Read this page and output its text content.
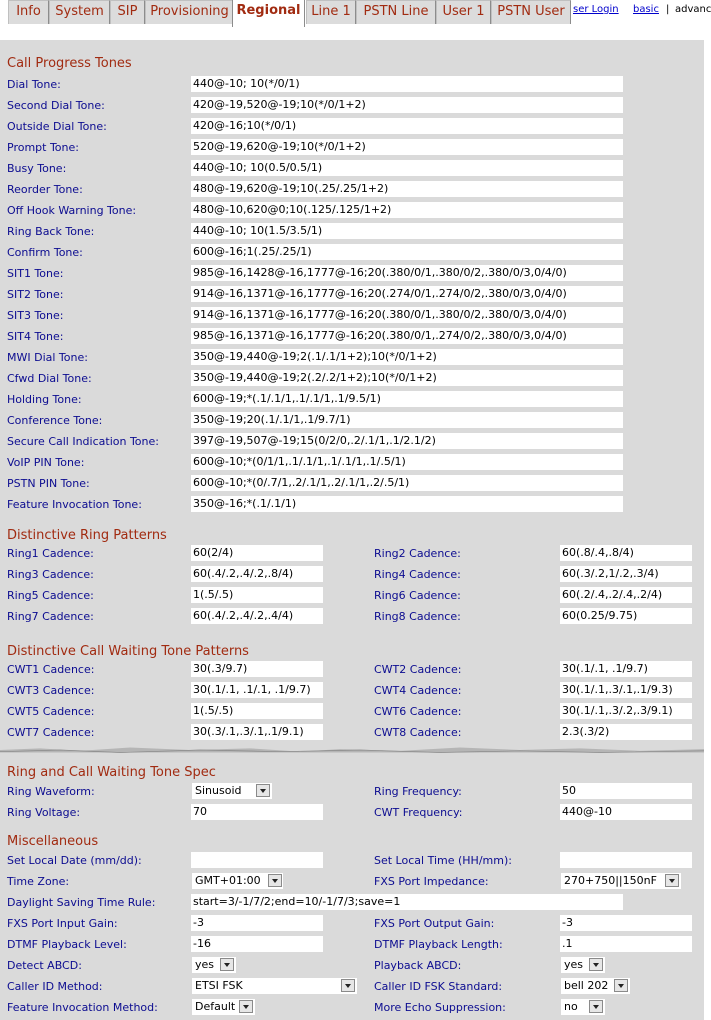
Info	System	SIP Provisioning Regional Line 1 PSTN Line	User 1 PSTN User ser Login basic | advanc
Call Progress Tones
Dial Tone:	440@-10; 10(*/0/1)
Second Dial Tone:	420@-19,520@-19;10(*/0/1+2)
Outside Dial Tone:	420@-16;10(*/0/1)
Prompt Tone:	520@-19,620@-19;10(*/0/1+2)
Busy Tone:	440@-10; 10(0.5/0.5/1)
Reorder Tone:	480@-19,620@-19;10(.25/.25/1+2)
Off Hook Warning Tone:	480@-10,620@0;10(.125/.125/1+2)
Ring Back Tone:	440@-10; 10(1.5/3.5/1)
Confirm Tone:	600@-16;1(.25/.25/1)
SIT1 Tone:	985@-16,1428@-16,1777@-16;20(.380/0/1,.380/0/2,.380/0/3,0/4/0)
SIT2 Tone:	914@-16,1371@-16,1777@-16;20(.274/0/1,.274/0/2,.380/0/3,0/4/0)
SIT3 Tone:	914@-16,1371@-16,1777@-16;20(.380/0/1,.380/0/2,.380/0/3,0/4/0)
SIT4 Tone:	985@-16,1371@-16,1777@-16;20(.380/0/1,.274/0/2,.380/0/3,0/4/0)
MWI Dial Tone:	350@-19,440@-19;2(.1/.1/1+2);10(*/0/1+2)
Cfwd Dial Tone:	350@-19,440@-19;2(.2/.2/1+2);10(*/0/1+2)
Holding Tone:	600@-19;*(.1/.1/1,.1/.1/1,.1/9.5/1)
Conference Tone:	350@-19;20(.1/.1/1,.1/9.7/1)
Secure Call Indication Tone:	397@-19,507@-19;15(0/2/0,.2/.1/1,.1/2.1/2)
VoIP PIN Tone:	600@-10;*(0/1/1,.1/.1/1,.1/.1/1,.1/.5/1)
PSTN PIN Tone:	600@-10;*(0/.7/1,.2/.1/1,.2/.1/1,.2/.5/1)
Feature Invocation Tone:	350@-16;*(.1/.1/1)
Distinctive Ring Patterns
Ring1 Cadence:	60(2/4)	Ring2 Cadence:	60(.8/.4,.8/4)
Ring3 Cadence:	60(.4/.2,.4/.2,.8/4)	Ring4 Cadence:	60(.3/.2,1/.2,.3/4)
Ring5 Cadence:	1(.5/.5)	Ring6 Cadence:	60(.2/.4,.2/.4,.2/4)
Ring7 Cadence:	60(.4/.2,.4/.2,.4/4)	Ring8 Cadence:	60(0.25/9.75)
Distinctive Call Waiting Tone Patterns
CWT1 Cadence:	30(.3/9.7)	CWT2 Cadence:	30(.1/.1, .1/9.7)
CWT3 Cadence:	30(.1/.1, .1/.1, .1/9.7)	CWT4 Cadence:	30(.1/.1,.3/.1,.1/9.3)
CWT5 Cadence:	1(.5/.5)	CWT6 Cadence:	30(.1/.1,.3/.2,.3/9.1)
CWT7 Cadence:	30(.3/.1,.3/.1,.1/9.1)	CWT8 Cadence:	2.3(.3/2)
Ring and Call Waiting Tone Spec
Ring Waveform:	Sinusoid	Ring Frequency:	50
Ring Voltage:	70	CWT Frequency:	440@-10
Miscellaneous
Set Local Date (mm/dd):	Set Local Time (HH/mm):
Time Zone:	GMT+01:00	FXS Port Impedance:	270+750||150nF
Daylight Saving Time Rule:	start=3/-1/7/2;end=10/-1/7/3;save=1
FXS Port Input Gain:	-3	FXS Port Output Gain:	-3
DTMF Playback Level:	-16	DTMF Playback Length:	.1
Detect ABCD:	yes	Playback ABCD:	yes
Caller ID Method:	ETSI FSK	Caller ID FSK Standard:	bell 202
Feature Invocation Method:	Default	More Echo Suppression:	no
